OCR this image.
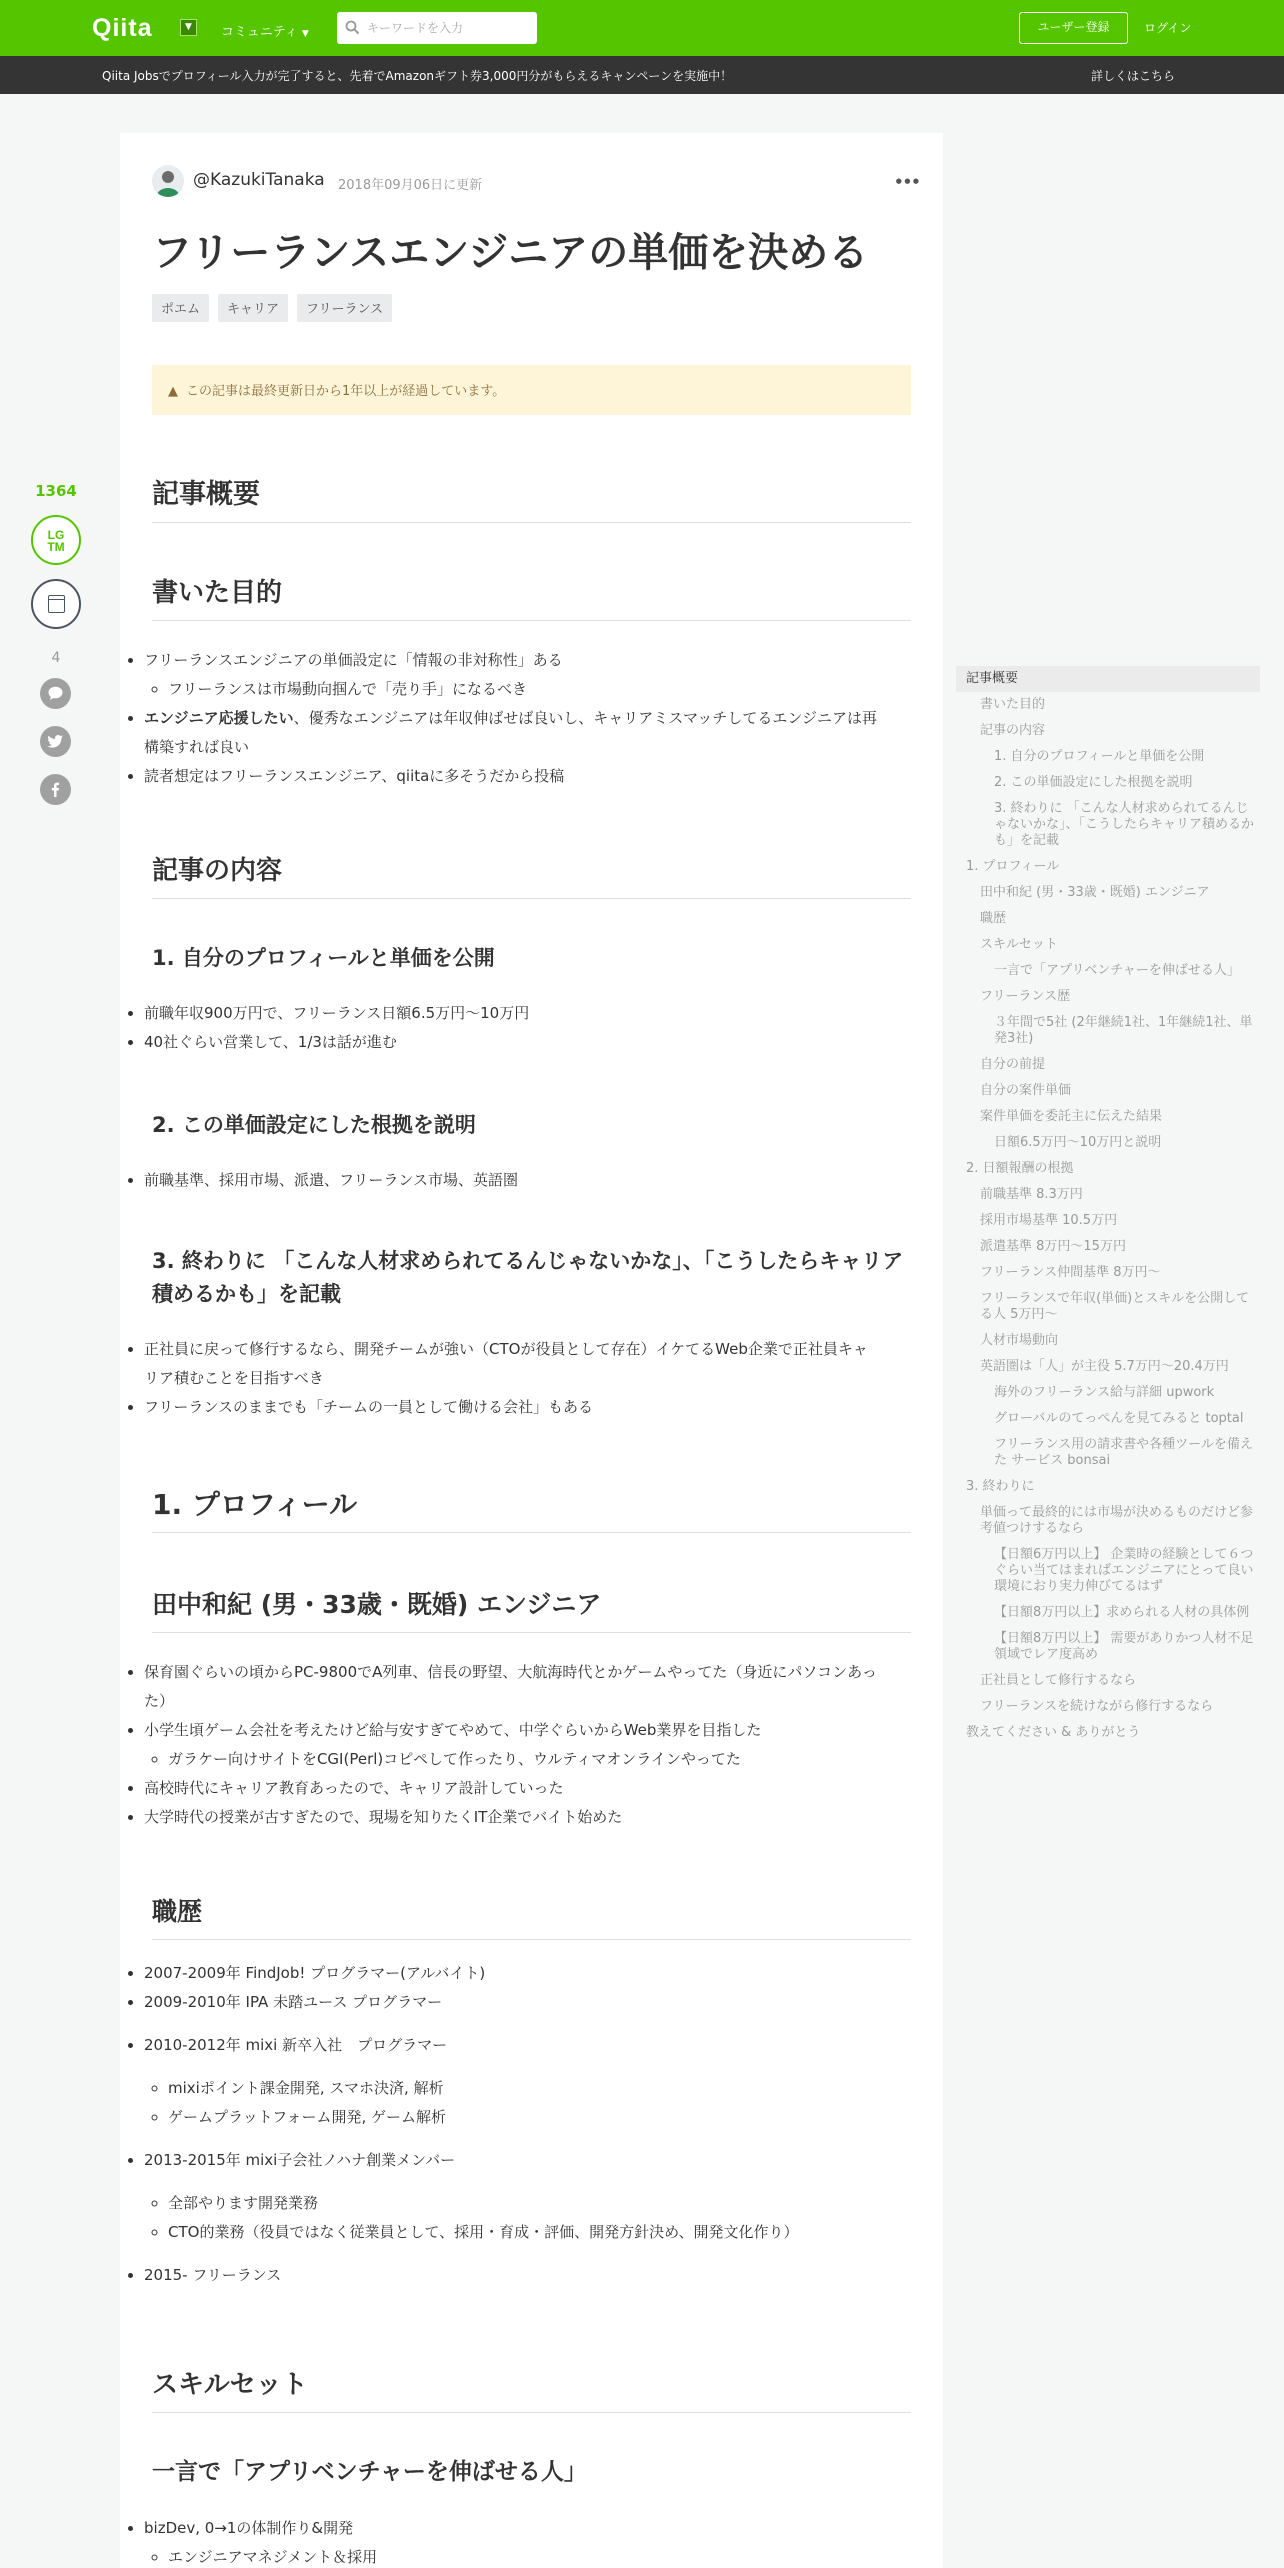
Qiita	▼	コミュニティ ▼
キーワードを入力	ユーザー登録	ログイン
Qiita Jobsでプロフィール入力が完了すると、先着でAmazonギフト券3,000円分がもらえるキャンペーンを実施中！	詳しくはこちら
1364
LG
TM
4
@KazukiTanaka 2018年09月06日に更新	•••
フリーランスエンジニアの単価を決める
ポエム キャリア フリーランス
▲ この記事は最終更新日から1年以上が経過しています。
記事概要
書いた目的
• フリーランスエンジニアの単価設定に「情報の非対称性」ある
◦ フリーランスは市場動向掴んで「売り手」になるべき
• エンジニア応援したい、優秀なエンジニアは年収伸ばせば良いし、キャリアミスマッチしてるエンジニアは再構築すれば良い
• 読者想定はフリーランスエンジニア、qiitaに多そうだから投稿
記事の内容
1. 自分のプロフィールと単価を公開
• 前職年収900万円で、フリーランス日額6.5万円〜10万円
• 40社ぐらい営業して、1/3は話が進む
2. この単価設定にした根拠を説明
• 前職基準、採用市場、派遣、フリーランス市場、英語圏
3. 終わりに 「こんな人材求められてるんじゃないかな」、「こうしたらキャリア積めるかも」を記載
• 正社員に戻って修行するなら、開発チームが強い（CTOが役員として存在）イケてるWeb企業で正社員キャリア積むことを目指すべき
• フリーランスのままでも「チームの一員として働ける会社」もある
1. プロフィール
田中和紀 (男・33歳・既婚) エンジニア
• 保育園ぐらいの頃からPC-9800でA列車、信長の野望、大航海時代とかゲームやってた（身近にパソコンあった）
• 小学生頃ゲーム会社を考えたけど給与安すぎてやめて、中学ぐらいからWeb業界を目指した
◦ ガラケー向けサイトをCGI(Perl)コピペして作ったり、ウルティマオンラインやってた
• 高校時代にキャリア教育あったので、キャリア設計していった
• 大学時代の授業が古すぎたので、現場を知りたくIT企業でバイト始めた
職歴
• 2007-2009年 FindJob! プログラマー(アルバイト)
• 2009-2010年 IPA 未踏ユース プログラマー
• 2010-2012年 mixi 新卒入社　プログラマー
◦ mixiポイント課金開発, スマホ決済, 解析
◦ ゲームプラットフォーム開発, ゲーム解析
• 2013-2015年 mixi子会社ノハナ創業メンバー
◦ 全部やります開発業務
◦ CTO的業務（役員ではなく従業員として、採用・育成・評価、開発方針決め、開発文化作り）
• 2015- フリーランス
スキルセット
一言で「アプリベンチャーを伸ばせる人」
• bizDev, 0→1の体制作り&開発
◦ エンジニアマネジメント＆採用
記事概要
書いた目的
記事の内容
1. 自分のプロフィールと単価を公開
2. この単価設定にした根拠を説明
3. 終わりに 「こんな人材求められてるんじゃないかな」、「こうしたらキャリア積めるかも」を記載
1. プロフィール
田中和紀 (男・33歳・既婚) エンジニア
職歴
スキルセット
一言で「アプリベンチャーを伸ばせる人」
フリーランス歴
３年間で5社 (2年継続1社、1年継続1社、単発3社)
自分の前提
自分の案件単価
案件単価を委託主に伝えた結果
日額6.5万円〜10万円と説明
2. 日額報酬の根拠
前職基準 8.3万円
採用市場基準 10.5万円
派遣基準 8万円〜15万円
フリーランス仲間基準 8万円〜
フリーランスで年収(単価)とスキルを公開してる人 5万円〜
人材市場動向
英語圏は「人」が主役 5.7万円〜20.4万円
海外のフリーランス給与詳細 upwork
グローバルのてっぺんを見てみると toptal
フリーランス用の請求書や各種ツールを備えた サービス bonsai
3. 終わりに
単価って最終的には市場が決めるものだけど参考値つけするなら
【日額6万円以上】 企業時の経験として６つぐらい当てはまればエンジニアにとって良い環境におり実力伸びてるはず
【日額8万円以上】求められる人材の具体例
【日額8万円以上】 需要がありかつ人材不足領域でレア度高め
正社員として修行するなら
フリーランスを続けながら修行するなら
教えてください & ありがとう
